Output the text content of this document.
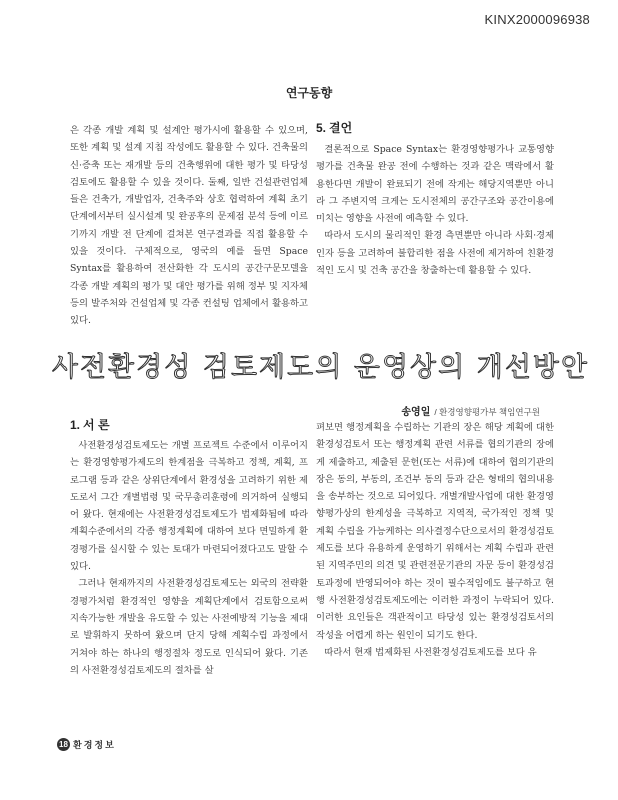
KINX2000096938
연구동향

은 각종 개발 계획 및 설계안 평가시에 활용할 수 있으며, 또한 계획 및 설계 지침 작성에도 활용할 수 있다. 건축물의 신·증축 또는 재개발 등의 건축행위에 대한 평가 및 타당성 검토에도 활용할 수 있을 것이다. 둘째, 일반 건설관련업체들은 건축가, 개발업자, 건축주와 상호 협력하여 계획 초기 단계에서부터 실시설계 및 완공후의 문제점 분석 등에 이르기까지 개발 전 단계에 걸쳐본 연구결과를 직접 활용할 수 있을 것이다. 구체적으로, 영국의 예를 들면 Space Syntax를 활용하여 전산화한 각 도시의 공간구문모델을 각종 개발 계획의 평가 및 대안 평가를 위해 정부 및 지자체 등의 발주처와 건설업체 및 각종 컨설팅 업체에서 활용하고 있다.

5. 결언

결론적으로 Space Syntax는 환경영향평가나 교통영향평가를 건축물 완공 전에 수행하는 것과 같은 맥락에서 활용한다면 개발이 완료되기 전에 작게는 해당지역뿐만 아니라 그 주변지역 크게는 도시전체의 공간구조와 공간이용에 미치는 영향을 사전에 예측할 수 있다.

따라서 도시의 물리적인 환경 측면뿐만 아니라 사회·경제 인자 등을 고려하여 불합리한 점을 사전에 제거하여 친환경적인 도시 및 건축 공간을 창출하는데 활용할 수 있다.

사전환경성 검토제도의 운영상의 개선방안
송영일 / 환경영향평가부 책임연구원
1. 서 론

사전환경성검토제도는 개별 프로젝트 수준에서 이루어지는 환경영향평가제도의 한계점을 극복하고 정책, 계획, 프로그램 등과 같은 상위단계에서 환경성을 고려하기 위한 제도로서 그간 개별법령 및 국무총리훈령에 의거하여 실행되어 왔다. 현재에는 사전환경성검토제도가 법제화됨에 따라 계획수준에서의 각종 행정계획에 대하여 보다 면밀하게 환경평가를 실시할 수 있는 토대가 마련되어졌다고도 말할 수 있다.

그러나 현재까지의 사전환경성검토제도는 외국의 전략환경평가처럼 환경적인 영향을 계획단계에서 검토함으로써 지속가능한 개발을 유도할 수 있는 사전예방적 기능을 제대로 발휘하지 못하여 왔으며 단지 당해 계획수립 과정에서 거쳐야 하는 하나의 행정절차 정도로 인식되어 왔다. 기존의 사전환경성검토제도의 절차를 살

펴보면 행정계획을 수립하는 기관의 장은 해당 계획에 대한 환경성검토서 또는 행정계획 관련 서류를 협의기관의 장에게 제출하고, 제출된 문헌(또는 서류)에 대하여 협의기관의 장은 동의, 부동의, 조건부 동의 등과 같은 형태의 협의내용을 송부하는 것으로 되어있다. 개별개발사업에 대한 환경영향평가상의 한계성을 극복하고 지역적, 국가적인 정책 및 계획 수립을 가능케하는 의사결정수단으로서의 환경성검토제도를 보다 유용하게 운영하기 위해서는 계획 수립과 관련된 지역주민의 의견 및 관련전문기관의 자문 등이 환경성검토과정에 반영되어야 하는 것이 필수적임에도 불구하고 현행 사전환경성검토제도에는 이러한 과정이 누락되어 있다. 이러한 요인들은 객관적이고 타당성 있는 환경성검토서의 작성을 어렵게 하는 원인이 되기도 한다.

따라서 현재 법제화된 사전환경성검토제도를 보다 유

18 환경정보
